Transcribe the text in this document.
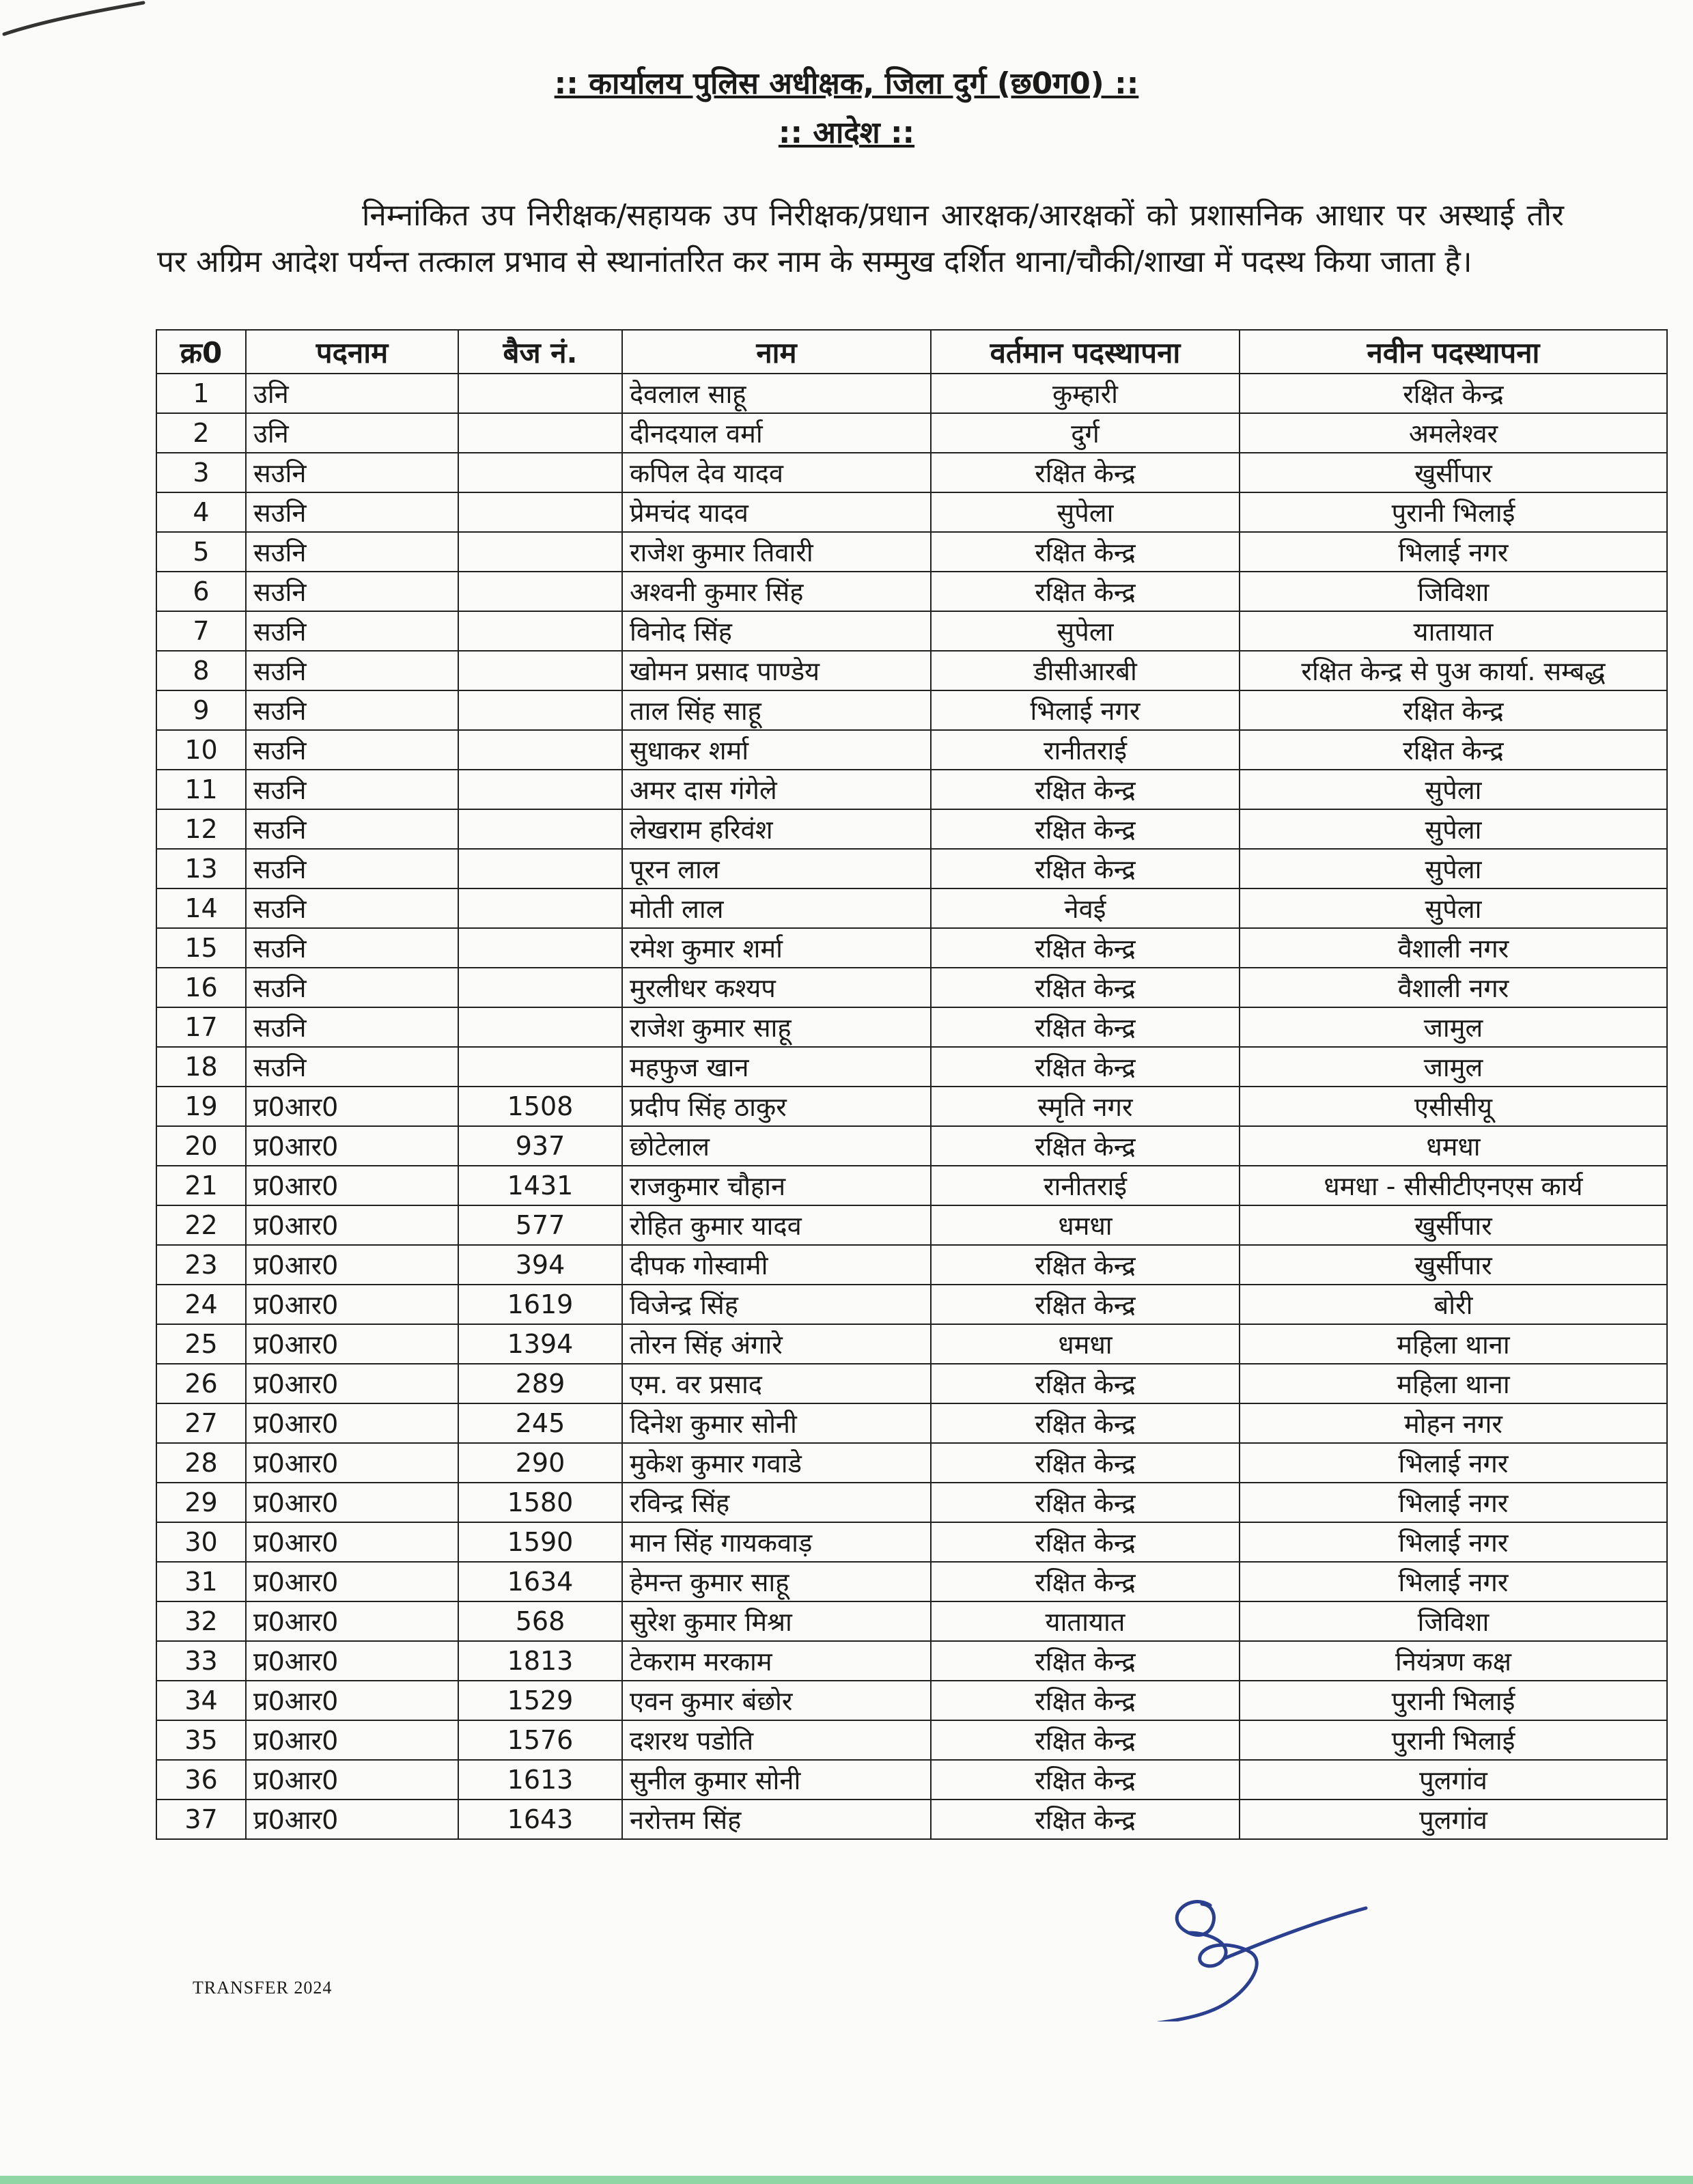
:: कार्यालय पुलिस अधीक्षक, जिला दुर्ग (छ0ग0) ::
:: आदेश ::
निम्नांकित उप निरीक्षक/सहायक उप निरीक्षक/प्रधान आरक्षक/आरक्षकों को प्रशासनिक आधार पर अस्थाई तौर पर अग्रिम आदेश पर्यन्त तत्काल प्रभाव से स्थानांतरित कर नाम के सम्मुख दर्शित थाना/चौकी/शाखा में पदस्थ किया जाता है।
क्र0	पदनाम	बैज नं.	नाम	वर्तमान पदस्थापना	नवीन पदस्थापना
1	उनि		देवलाल साहू	कुम्हारी	रक्षित केन्द्र
2	उनि		दीनदयाल वर्मा	दुर्ग	अमलेश्वर
3	सउनि		कपिल देव यादव	रक्षित केन्द्र	खुर्सीपार
4	सउनि		प्रेमचंद यादव	सुपेला	पुरानी भिलाई
5	सउनि		राजेश कुमार तिवारी	रक्षित केन्द्र	भिलाई नगर
6	सउनि		अश्वनी कुमार सिंह	रक्षित केन्द्र	जिविशा
7	सउनि		विनोद सिंह	सुपेला	यातायात
8	सउनि		खोमन प्रसाद पाण्डेय	डीसीआरबी	रक्षित केन्द्र से पुअ कार्या. सम्बद्ध
9	सउनि		ताल सिंह साहू	भिलाई नगर	रक्षित केन्द्र
10	सउनि		सुधाकर शर्मा	रानीतराई	रक्षित केन्द्र
11	सउनि		अमर दास गंगेले	रक्षित केन्द्र	सुपेला
12	सउनि		लेखराम हरिवंश	रक्षित केन्द्र	सुपेला
13	सउनि		पूरन लाल	रक्षित केन्द्र	सुपेला
14	सउनि		मोती लाल	नेवई	सुपेला
15	सउनि		रमेश कुमार शर्मा	रक्षित केन्द्र	वैशाली नगर
16	सउनि		मुरलीधर कश्यप	रक्षित केन्द्र	वैशाली नगर
17	सउनि		राजेश कुमार साहू	रक्षित केन्द्र	जामुल
18	सउनि		महफुज खान	रक्षित केन्द्र	जामुल
19	प्र0आर0	1508	प्रदीप सिंह ठाकुर	स्मृति नगर	एसीसीयू
20	प्र0आर0	937	छोटेलाल	रक्षित केन्द्र	धमधा
21	प्र0आर0	1431	राजकुमार चौहान	रानीतराई	धमधा - सीसीटीएनएस कार्य
22	प्र0आर0	577	रोहित कुमार यादव	धमधा	खुर्सीपार
23	प्र0आर0	394	दीपक गोस्वामी	रक्षित केन्द्र	खुर्सीपार
24	प्र0आर0	1619	विजेन्द्र सिंह	रक्षित केन्द्र	बोरी
25	प्र0आर0	1394	तोरन सिंह अंगारे	धमधा	महिला थाना
26	प्र0आर0	289	एम. वर प्रसाद	रक्षित केन्द्र	महिला थाना
27	प्र0आर0	245	दिनेश कुमार सोनी	रक्षित केन्द्र	मोहन नगर
28	प्र0आर0	290	मुकेश कुमार गवाडे	रक्षित केन्द्र	भिलाई नगर
29	प्र0आर0	1580	रविन्द्र सिंह	रक्षित केन्द्र	भिलाई नगर
30	प्र0आर0	1590	मान सिंह गायकवाड़	रक्षित केन्द्र	भिलाई नगर
31	प्र0आर0	1634	हेमन्त कुमार साहू	रक्षित केन्द्र	भिलाई नगर
32	प्र0आर0	568	सुरेश कुमार मिश्रा	यातायात	जिविशा
33	प्र0आर0	1813	टेकराम मरकाम	रक्षित केन्द्र	नियंत्रण कक्ष
34	प्र0आर0	1529	एवन कुमार बंछोर	रक्षित केन्द्र	पुरानी भिलाई
35	प्र0आर0	1576	दशरथ पडोति	रक्षित केन्द्र	पुरानी भिलाई
36	प्र0आर0	1613	सुनील कुमार सोनी	रक्षित केन्द्र	पुलगांव
37	प्र0आर0	1643	नरोत्तम सिंह	रक्षित केन्द्र	पुलगांव
TRANSFER 2024
